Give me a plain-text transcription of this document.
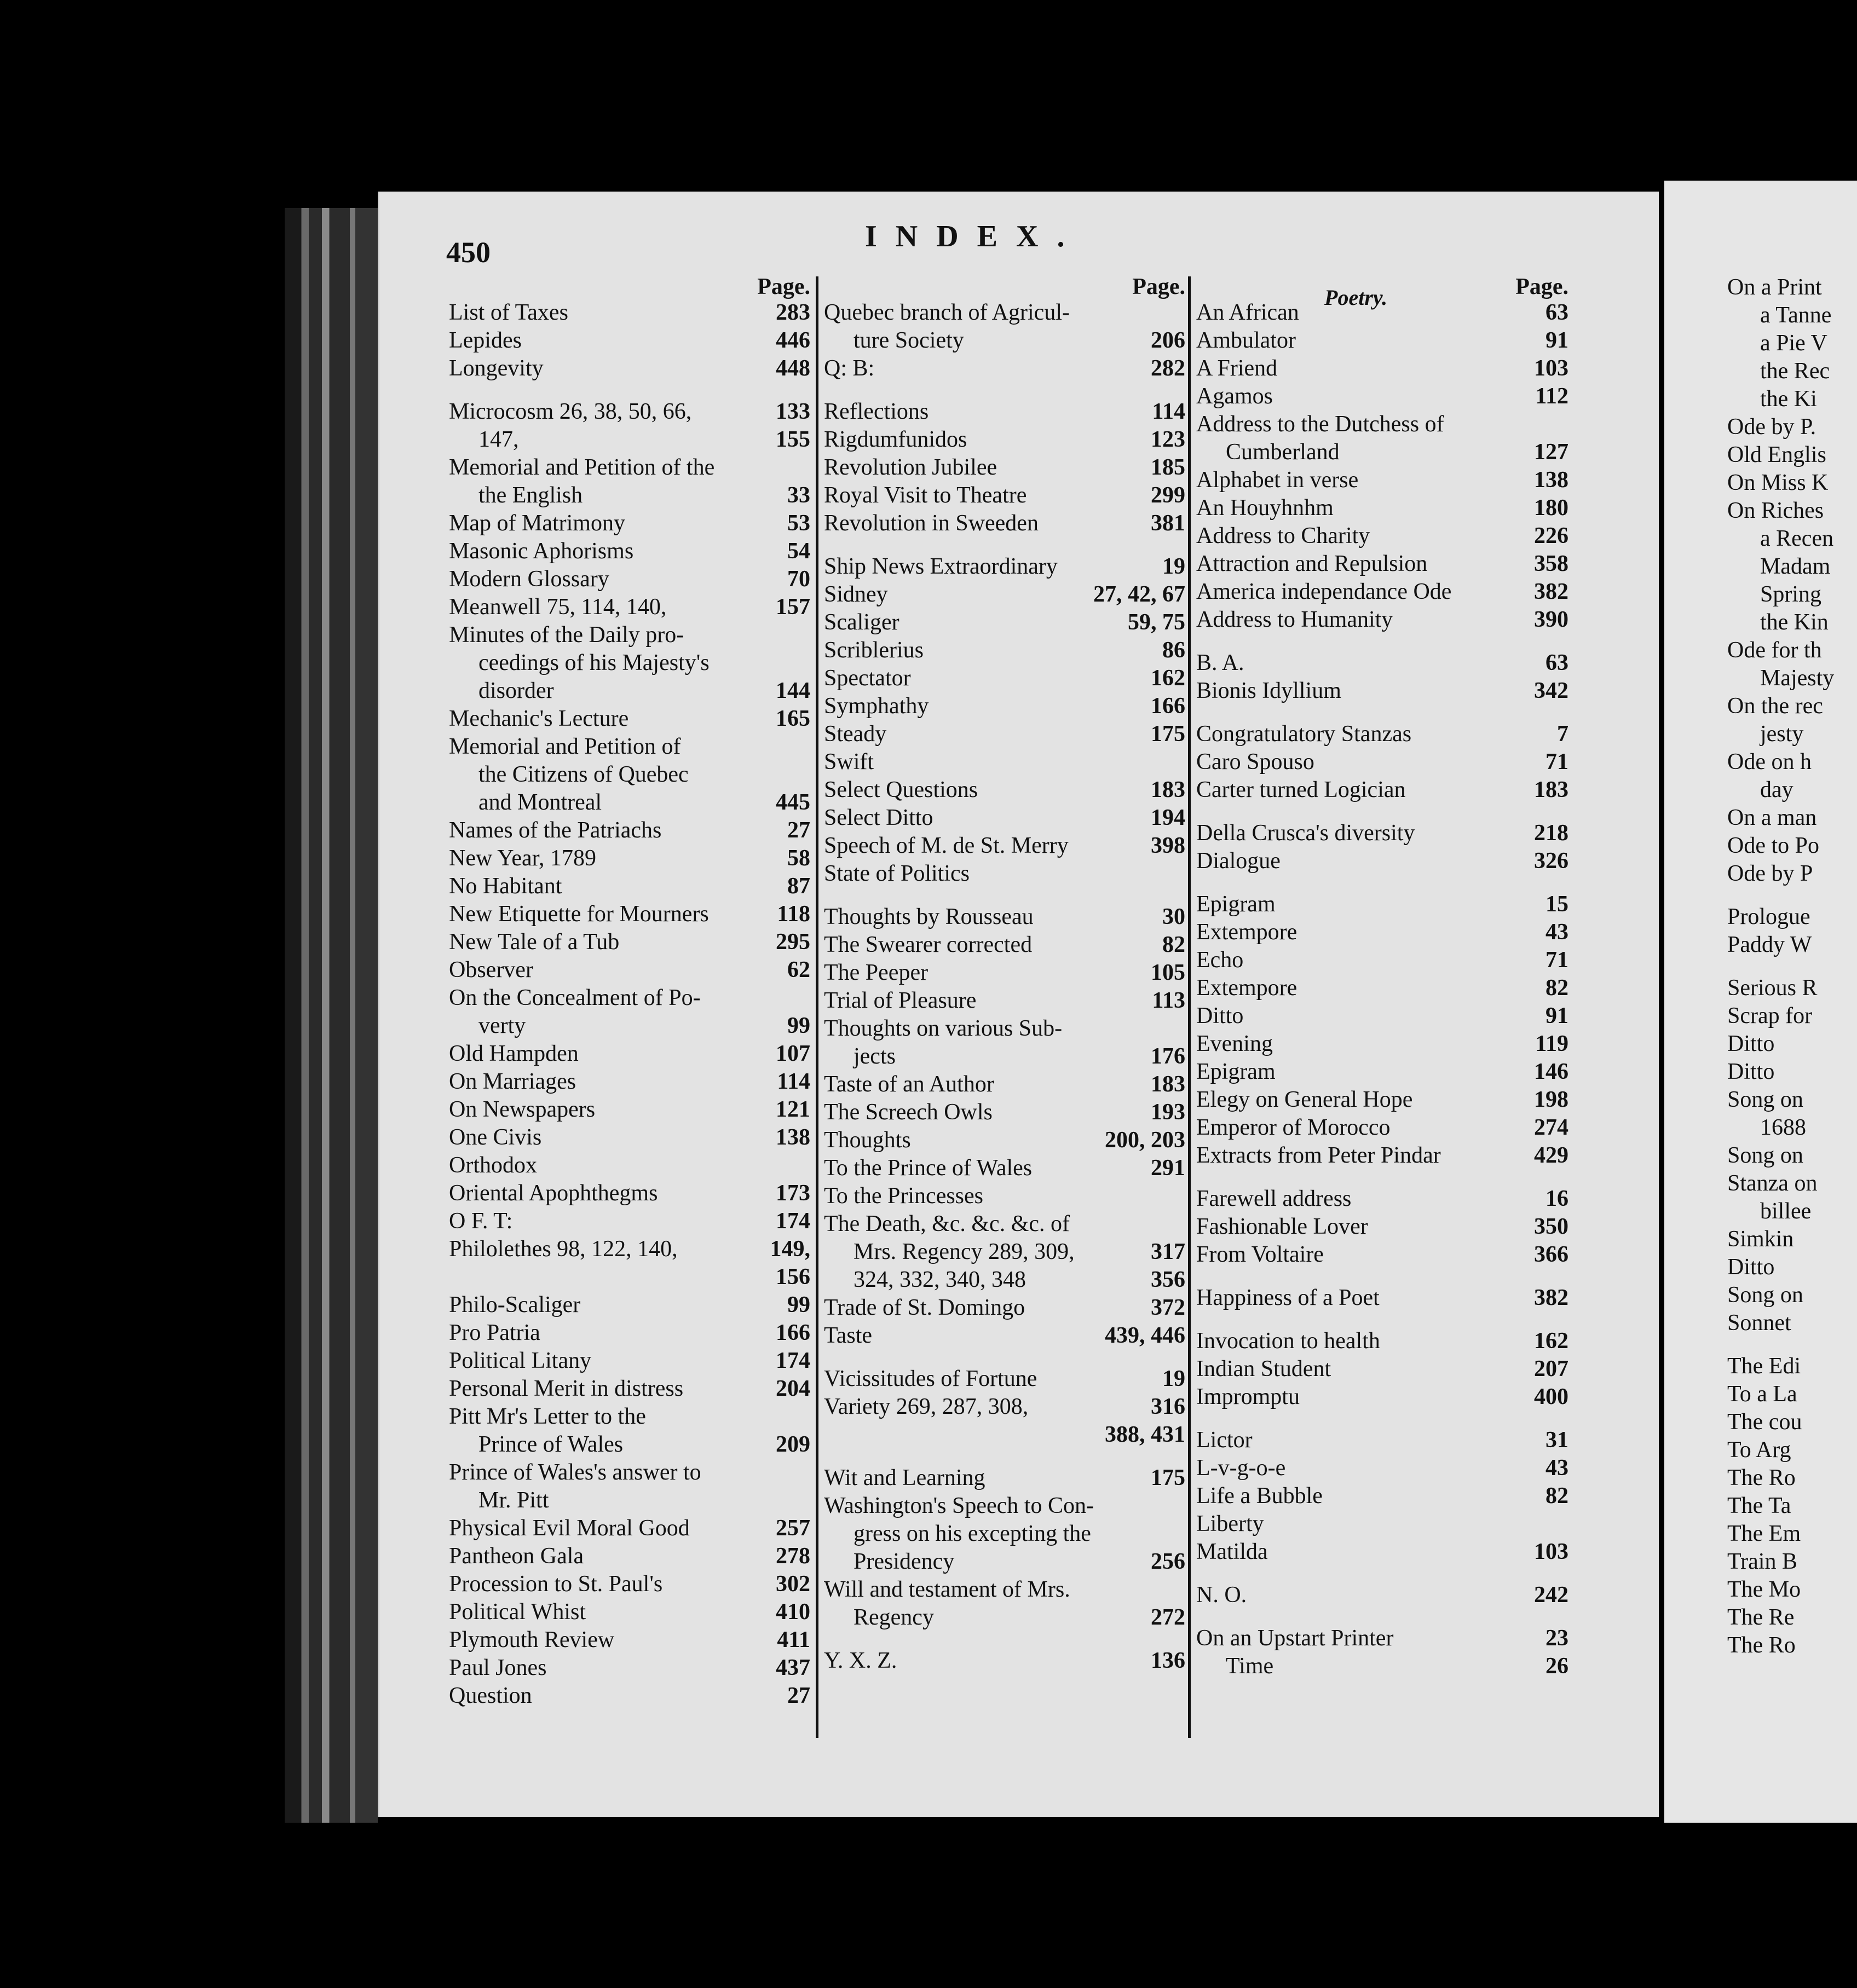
450	INDEX.
Page.
List of Taxes	283
Lepides	446
Longevity	448
Microcosm 26, 38, 50, 66,	133
147,	155
Memorial and Petition of the
the English	33
Map of Matrimony	53
Masonic Aphorisms	54
Modern Glossary	70
Meanwell 75, 114, 140,	157
Minutes of the Daily pro-
ceedings of his Majesty's
disorder	144
Mechanic's Lecture	165
Memorial and Petition of
the Citizens of Quebec
and Montreal	445
Names of the Patriachs	27
New Year, 1789	58
No Habitant	87
New Etiquette for Mourners	118
New Tale of a Tub	295
Observer	62
On the Concealment of Po-
verty	99
Old Hampden	107
On Marriages	114
On Newspapers	121
One Civis	138
Orthodox
Oriental Apophthegms	173
O F. T:	174
Philolethes 98, 122, 140,	149,
156
Philo-Scaliger	99
Pro Patria	166
Political Litany	174
Personal Merit in distress	204
Pitt Mr's Letter to the
Prince of Wales	209
Prince of Wales's answer to
Mr. Pitt
Physical Evil Moral Good	257
Pantheon Gala	278
Procession to St. Paul's	302
Political Whist	410
Plymouth Review	411
Paul Jones	437
Question	27
Page.
Quebec branch of Agricul-
ture Society	206
Q: B:	282
Reflections	114
Rigdumfunidos	123
Revolution Jubilee	185
Royal Visit to Theatre	299
Revolution in Sweeden	381
Ship News Extraordinary	19
Sidney	27, 42, 67
Scaliger	59, 75
Scriblerius	86
Spectator	162
Symphathy	166
Steady	175
Swift
Select Questions	183
Select Ditto	194
Speech of M. de St. Merry	398
State of Politics
Thoughts by Rousseau	30
The Swearer corrected	82
The Peeper	105
Trial of Pleasure	113
Thoughts on various Sub-
jects	176
Taste of an Author	183
The Screech Owls	193
Thoughts	200, 203
To the Prince of Wales	291
To the Princesses
The Death, &c. &c. &c. of
Mrs. Regency 289, 309,	317
324, 332, 340, 348	356
Trade of St. Domingo	372
Taste	439, 446
Vicissitudes of Fortune	19
Variety 269, 287, 308,	316
388, 431
Wit and Learning	175
Washington's Speech to Con-
gress on his excepting the
Presidency	256
Will and testament of Mrs.
Regency	272
Y. X. Z.	136
Poetry.	Page.
An African	63
Ambulator	91
A Friend	103
Agamos	112
Address to the Dutchess of
Cumberland	127
Alphabet in verse	138
An Houyhnhm	180
Address to Charity	226
Attraction and Repulsion	358
America independance Ode	382
Address to Humanity	390
B. A.	63
Bionis Idyllium	342
Congratulatory Stanzas	7
Caro Spouso	71
Carter turned Logician	183
Della Crusca's diversity	218
Dialogue	326
Epigram	15
Extempore	43
Echo	71
Extempore	82
Ditto	91
Evening	119
Epigram	146
Elegy on General Hope	198
Emperor of Morocco	274
Extracts from Peter Pindar	429
Farewell address	16
Fashionable Lover	350
From Voltaire	366
Happiness of a Poet	382
Invocation to health	162
Indian Student	207
Impromptu	400
Lictor	31
L-v-g-o-e	43
Life a Bubble	82
Liberty
Matilda	103
N. O.	242
On an Upstart Printer	23
Time	26
On a Print
a Tanne
a Pie V
the Rec
the Ki
Ode by P.
Old Englis
On Miss K
On Riches
a Recen
Madam
Spring
the Kin
Ode for th
Majesty
On the rec
jesty
Ode on h
day
On a man
Ode to Po
Ode by P
Prologue
Paddy W
Serious R
Scrap for
Ditto
Ditto
Song on
1688
Song on
Stanza on
billee
Simkin
Ditto
Song on
Sonnet
The Edi
To a La
The cou
To Arg
The Ro
The Ta
The Em
Train B
The Mo
The Re
The Ro
